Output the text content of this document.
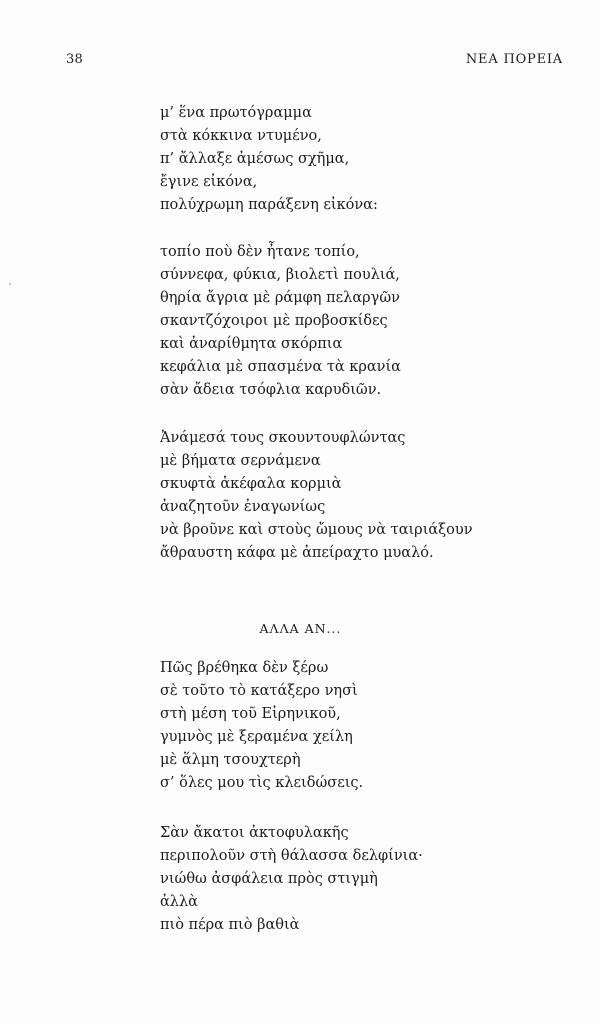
38	ΝΕΑ ΠΟΡΕΙΑ
μ’ ἕνα πρωτόγραμμα
στὰ κόκκινα ντυμένο,
π’ ἄλλαξε ἀμέσως σχῆμα,
ἔγινε εἰκόνα,
πολύχρωμη παράξενη εἰκόνα:
τοπίο ποὺ δὲν ἦτανε τοπίο,
σύννεφα, φύκια, βιολετὶ πουλιά,
θηρία ἄγρια μὲ ράμφη πελαργῶν
σκαντζόχοιροι μὲ προβοσκίδες
καὶ ἀναρίθμητα σκόρπια
κεφάλια μὲ σπασμένα τὰ κρανία
σὰν ἄδεια τσόφλια καρυδιῶν.
Ἀνάμεσά τους σκουντουφλώντας
μὲ βήματα σερνάμενα
σκυφτὰ ἀκέφαλα κορμιὰ
ἀναζητοῦν ἐναγωνίως
νὰ βροῦνε καὶ στοὺς ὤμους νὰ ταιριάξουν
ἄθραυστη κάφα μὲ ἀπείραχτο μυαλό.
ΑΛΛΑ ΑΝ...
Πῶς βρέθηκα δὲν ξέρω
σὲ τοῦτο τὸ κατάξερο νησὶ
στὴ μέση τοῦ Εἰρηνικοῦ,
γυμνὸς μὲ ξεραμένα χείλη
μὲ ἅλμη τσουχτερὴ
σ’ ὅλες μου τὶς κλειδώσεις.
Σὰν ἄκατοι ἀκτοφυλακῆς
περιπολοῦν στὴ θάλασσα δελφίνια·
νιώθω ἀσφάλεια πρὸς στιγμὴ
ἀλλὰ
πιὸ πέρα πιὸ βαθιὰ
